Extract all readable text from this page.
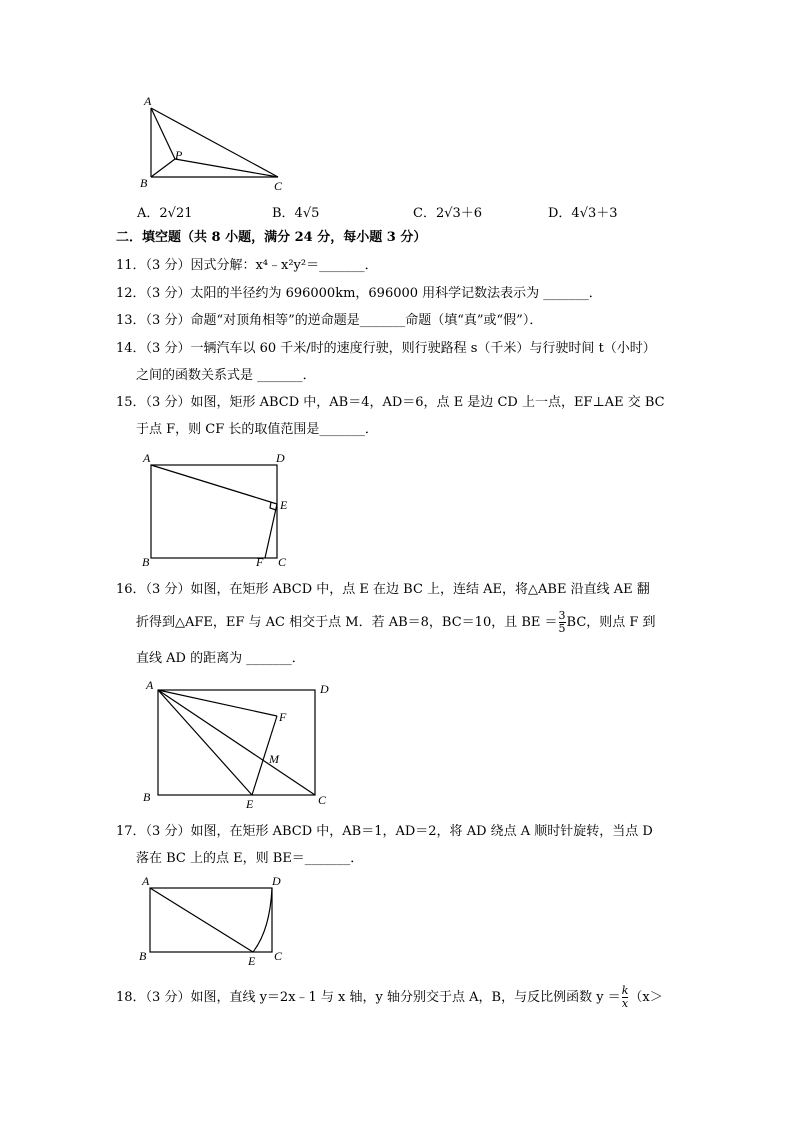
A
B	C
P
A．2√21	B．4√5	C．2√3＋6	D．4√3＋3
二．填空题（共 8 小题，满分 24 分，每小题 3 分）
11．（3 分）因式分解：x⁴﹣x²y²＝_______．
12．（3 分）太阳的半径约为 696000km，696000 用科学记数法表示为 _______．
13．（3 分）命题“对顶角相等”的逆命题是_______命题（填“真”或“假”）．
14．（3 分）一辆汽车以 60 千米/时的速度行驶，则行驶路程 s（千米）与行驶时间 t（小时）
之间的函数关系式是 _______．
15．（3 分）如图，矩形 ABCD 中，AB＝4，AD＝6，点 E 是边 CD 上一点，EF⊥AE 交 BC
于点 F，则 CF 长的取值范围是_______．
A	D
E
B	F C
16．（3 分）如图，在矩形 ABCD 中，点 E 在边 BC 上，连结 AE，将△ABE 沿直线 AE 翻
折得到△AFE，EF 与 AC 相交于点 M．若 AB＝8，BC＝10，且 BE ＝ $\frac{3}{5}$ BC，则点 F 到
直线 AD 的距离为 _______．
A	D
F
M
B	E	C
17．（3 分）如图，在矩形 ABCD 中，AB＝1，AD＝2，将 AD 绕点 A 顺时针旋转，当点 D
落在 BC 上的点 E，则 BE＝_______．
A	D
B	E C
18．（3 分）如图，直线 y＝2x﹣1 与 x 轴，y 轴分别交于点 A，B，与反比例函数 $y = \frac{k}{x} (x>$
